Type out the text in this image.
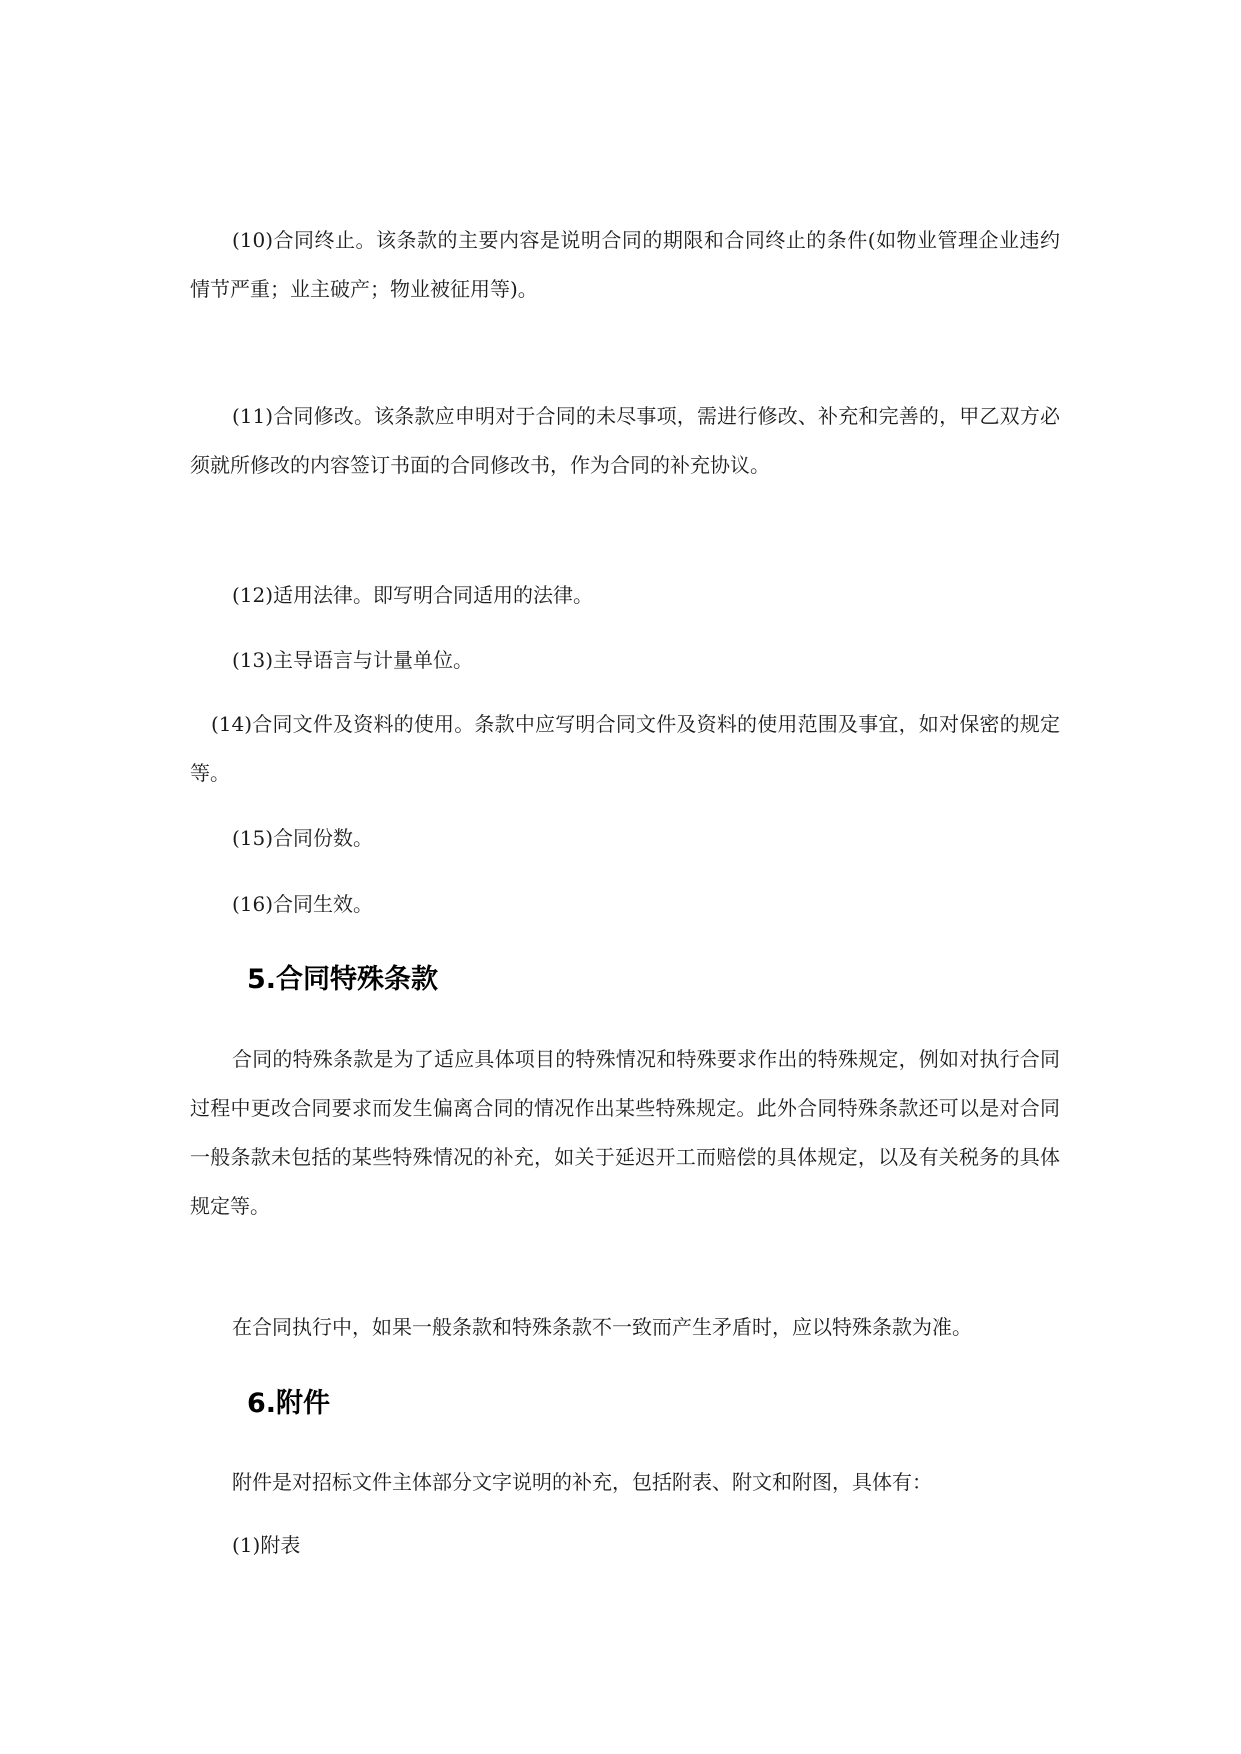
(10)合同终止。该条款的主要内容是说明合同的期限和合同终止的条件(如物业管理企业违约情节严重；业主破产；物业被征用等)。

(11)合同修改。该条款应申明对于合同的未尽事项，需进行修改、补充和完善的，甲乙双方必须就所修改的内容签订书面的合同修改书，作为合同的补充协议。

(12)适用法律。即写明合同适用的法律。

(13)主导语言与计量单位。

(14)合同文件及资料的使用。条款中应写明合同文件及资料的使用范围及事宜，如对保密的规定等。

(15)合同份数。

(16)合同生效。

5.合同特殊条款

合同的特殊条款是为了适应具体项目的特殊情况和特殊要求作出的特殊规定，例如对执行合同过程中更改合同要求而发生偏离合同的情况作出某些特殊规定。此外合同特殊条款还可以是对合同一般条款未包括的某些特殊情况的补充，如关于延迟开工而赔偿的具体规定，以及有关税务的具体规定等。

在合同执行中，如果一般条款和特殊条款不一致而产生矛盾时，应以特殊条款为准。

6.附件

附件是对招标文件主体部分文字说明的补充，包括附表、附文和附图，具体有：

(1)附表
